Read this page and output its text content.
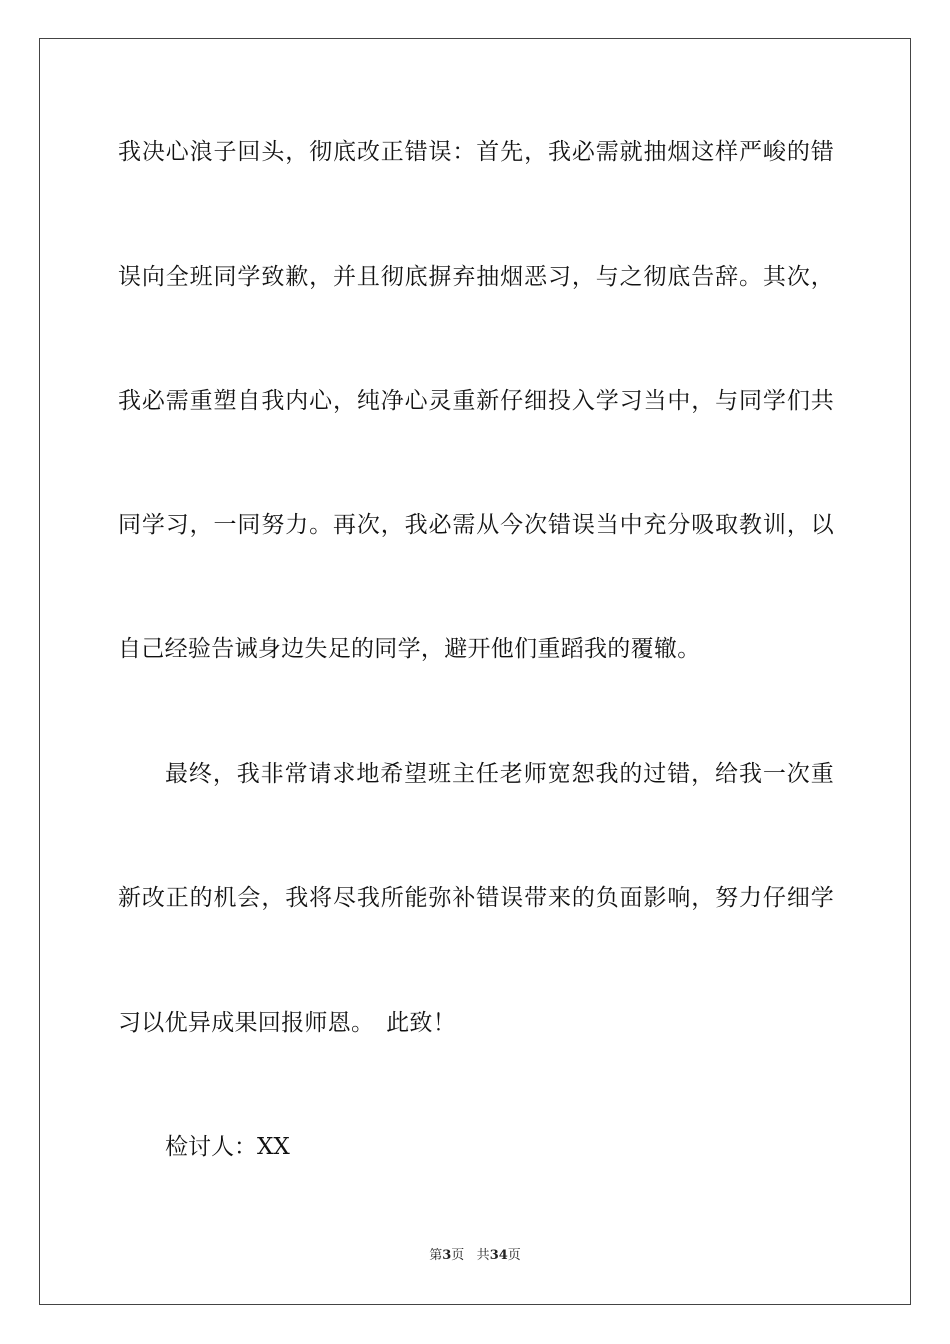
我决心浪子回头，彻底改正错误：首先，我必需就抽烟这样严峻的错
误向全班同学致歉，并且彻底摒弃抽烟恶习，与之彻底告辞。其次，
我必需重塑自我内心，纯净心灵重新仔细投入学习当中，与同学们共
同学习，一同努力。再次，我必需从今次错误当中充分吸取教训，以
自己经验告诫身边失足的同学，避开他们重蹈我的覆辙。
最终，我非常请求地希望班主任老师宽恕我的过错，给我一次重
新改正的机会，我将尽我所能弥补错误带来的负面影响，努力仔细学
习以优异成果回报师恩。　此致！
检讨人：XX
第3页 共34页
